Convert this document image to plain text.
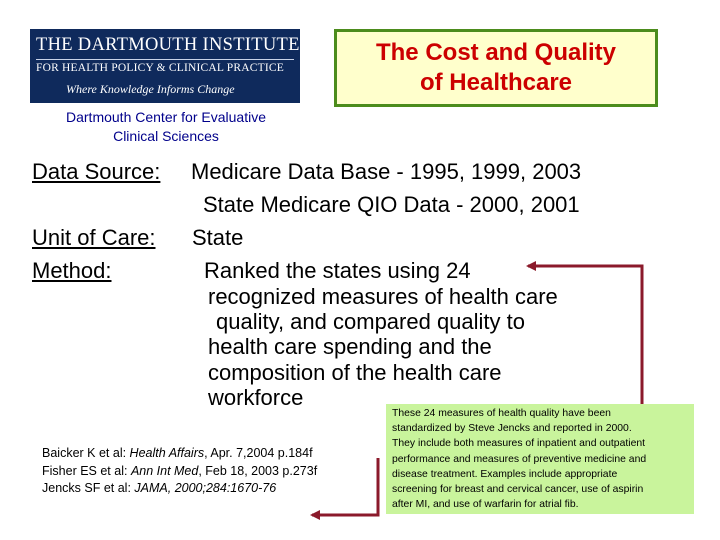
THE DARTMOUTH INSTITUTE
FOR HEALTH POLICY & CLINICAL PRACTICE
Where Knowledge Informs Change
Dartmouth Center for Evaluative
Clinical Sciences
The Cost and Quality
of Healthcare
Data Source: Medicare Data Base - 1995, 1999, 2003
State Medicare QIO Data - 2000, 2001
Unit of Care: State
Method:	Ranked the states using 24
recognized measures of health care
quality, and compared quality to
health care spending and the
composition of the health care
workforce
Baicker K et al: Health Affairs, Apr. 7,2004 p.184f
Fisher ES et al: Ann Int Med, Feb 18, 2003 p.273f
Jencks SF et al: JAMA, 2000;284:1670-76
These 24 measures of health quality have been
standardized by Steve Jencks and reported in 2000.
They include both measures of inpatient and outpatient
performance and measures of preventive medicine and
disease treatment. Examples include appropriate
screening for breast and cervical cancer, use of aspirin
after MI, and use of warfarin for atrial fib.
